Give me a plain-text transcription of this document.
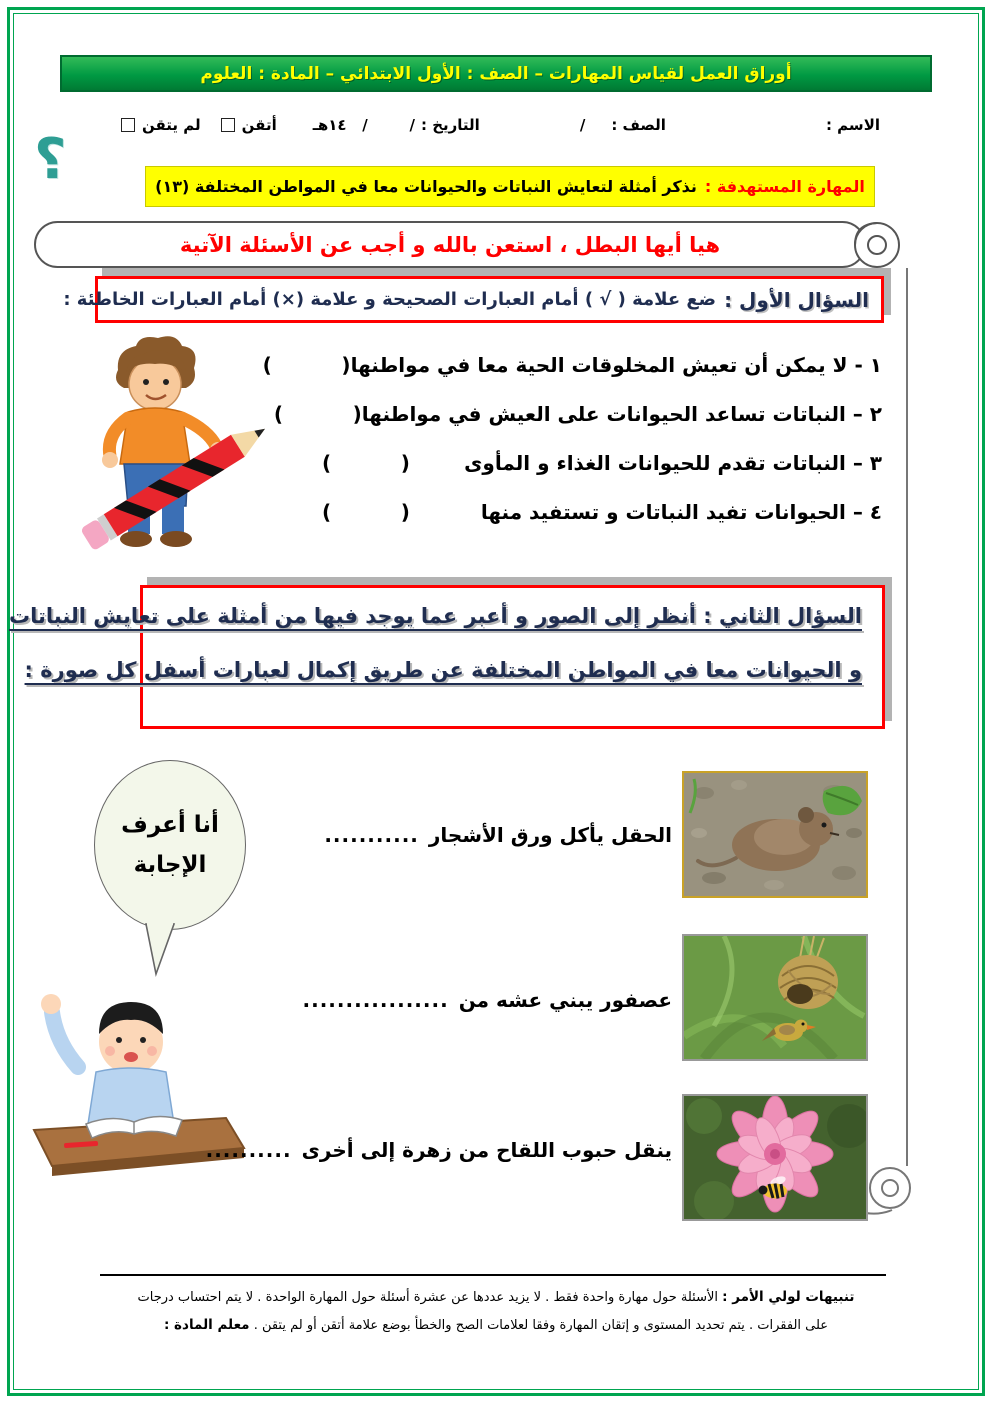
أوراق العمل لقياس المهارات – الصف : الأول الابتدائي – المادة : العلوم
الاسم :
الصف :
/
التاريخ :
/        /   ١٤هـ
أتقن
لم يتقن
؟	المهارة المستهدفة :
نذكر أمثلة لتعايش النباتات والحيوانات معا في المواطن المختلفة (١٣)
هيا أيها البطل ، استعن بالله و أجب عن الأسئلة الآتية
السؤال الأول :
ضع علامة ( √ ) أمام العبارات الصحيحة و علامة (×) أمام العبارات الخاطئة :
١ - لا يمكن أن تعيش المخلوقات الحية معا في مواطنها
(          )
٢ – النباتات تساعد الحيوانات على العيش في مواطنها
(          )
٣ – النباتات تقدم للحيوانات الغذاء و المأوى
(          )
٤ – الحيوانات تفيد النباتات و تستفيد منها
(          )
السؤال الثاني : أنظر إلى الصور و أعبر عما يوجد فيها من أمثلة على تعايش النباتات
و الحيوانات معا في المواطن المختلفة عن طريق إكمال لعبارات أسفل كل صورة :
أنا أعرف
الإجابة
........... الحقل يأكل ورق الأشجار
................. عصفور يبني عشه من
.......... ينقل حبوب اللقاح من زهرة إلى أخرى
تنبيهات لولي الأمر : الأسئلة حول مهارة واحدة فقط . لا يزيد عددها عن عشرة أسئلة حول المهارة الواحدة . لا يتم احتساب درجات
على الفقرات . يتم تحديد المستوى و إتقان المهارة وفقا لعلامات الصح والخطأ بوضع علامة أتقن أو لم يتقن . معلم المادة :
